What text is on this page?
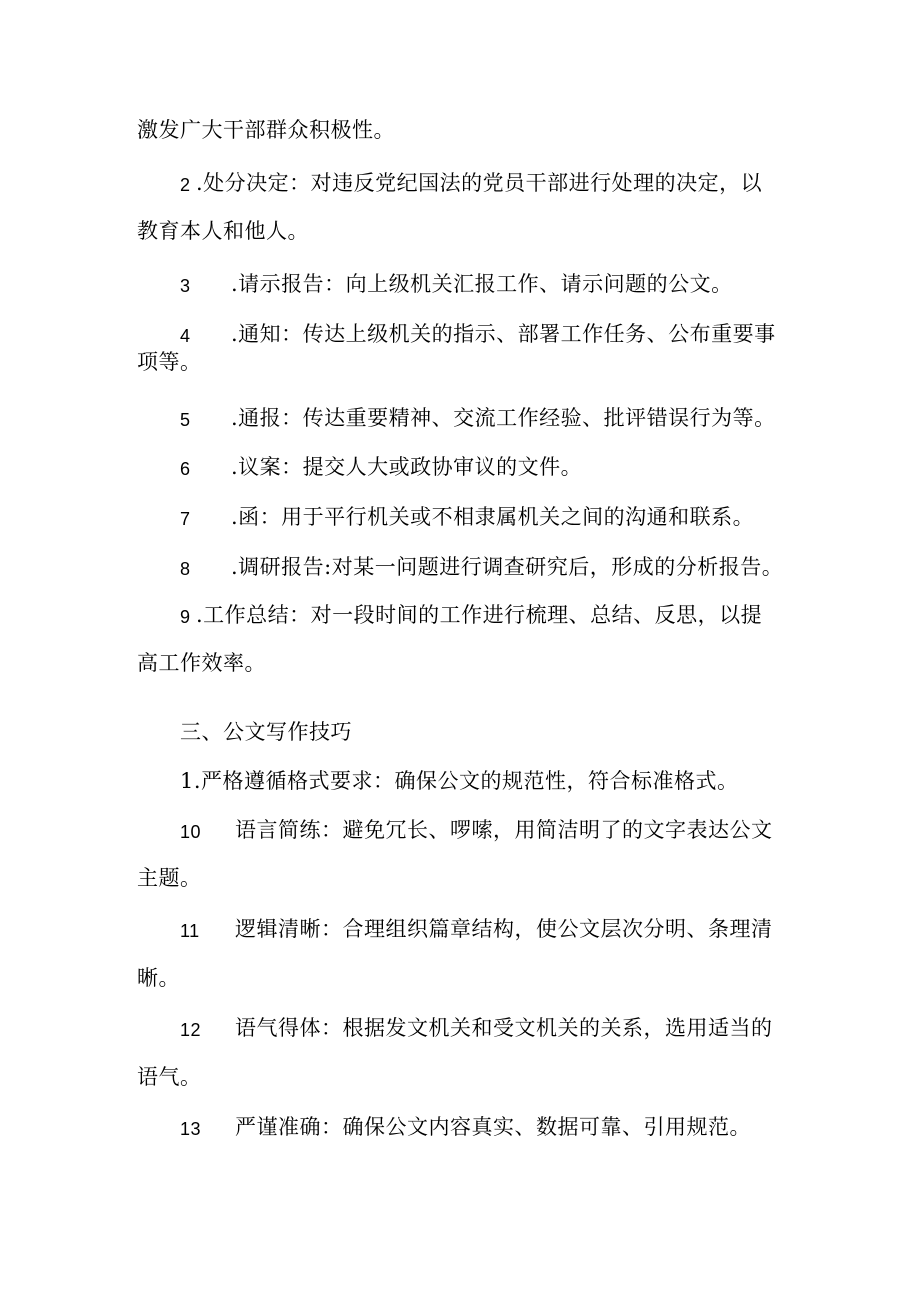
激发广大干部群众积极性。
2 .处分决定：对违反党纪国法的党员干部进行处理的决定，以
教育本人和他人。
3 .请示报告：向上级机关汇报工作、请示问题的公文。
4 .通知：传达上级机关的指示、部署工作任务、公布重要事
项等。
5 .通报：传达重要精神、交流工作经验、批评错误行为等。
6 .议案：提交人大或政协审议的文件。
7 .函：用于平行机关或不相隶属机关之间的沟通和联系。
8 .调研报告:对某一问题进行调查研究后，形成的分析报告。
9 .工作总结：对一段时间的工作进行梳理、总结、反思，以提
高工作效率。
三、公文写作技巧
1.严格遵循格式要求：确保公文的规范性，符合标准格式。
10 语言简练：避免冗长、啰嗦，用简洁明了的文字表达公文
主题。
11 逻辑清晰：合理组织篇章结构，使公文层次分明、条理清
晰。
12 语气得体：根据发文机关和受文机关的关系，选用适当的
语气。
13 严谨准确：确保公文内容真实、数据可靠、引用规范。
